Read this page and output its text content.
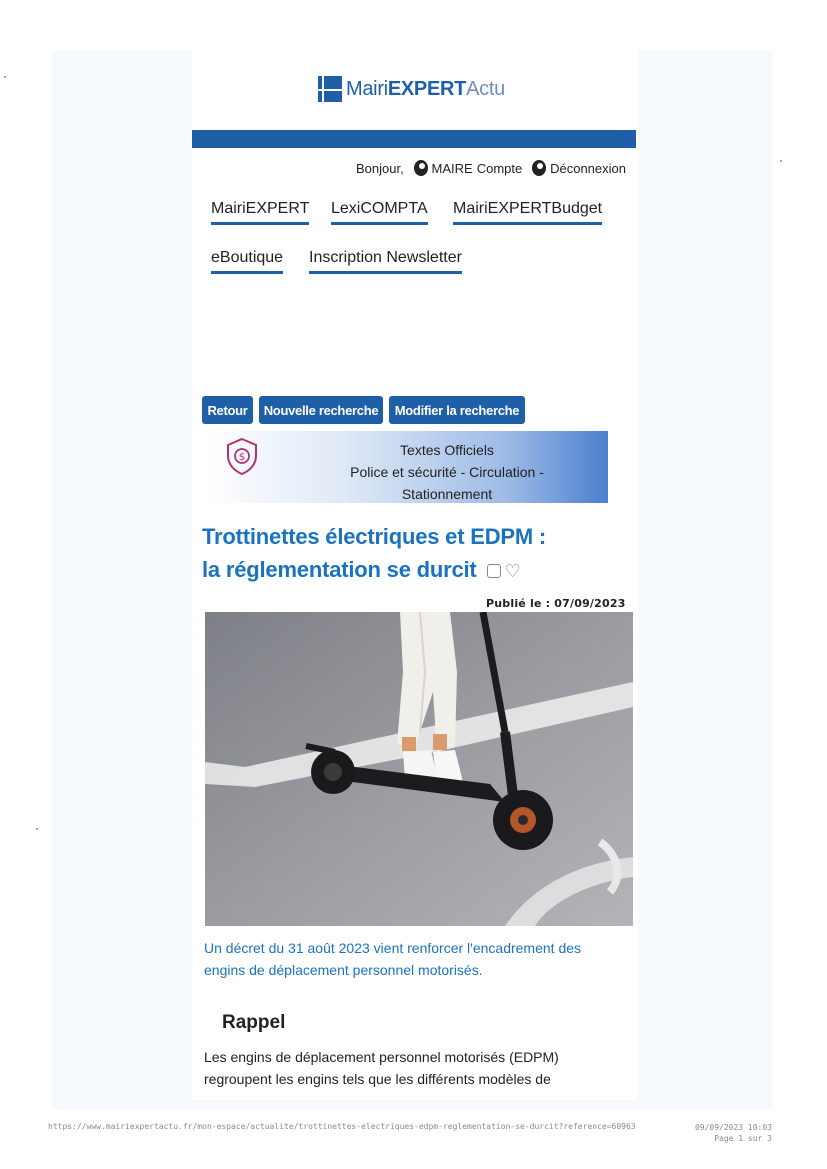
MairiEXPERTActu
Bonjour, MAIRE Compte Déconnexion
MairiEXPERT LexiCOMPTA MairiEXPERTBudget
eBoutique Inscription Newsletter
Retour	Nouvelle recherche	Modifier la recherche
$	Textes Officiels
Police et sécurité - Circulation -
Stationnement
Trottinettes électriques et EDPM :
la réglementation se durcit ♡
Publié le : 07/09/2023
Un décret du 31 août 2023 vient renforcer l'encadrement des engins de déplacement personnel motorisés.
Rappel
Les engins de déplacement personnel motorisés (EDPM) regroupent les engins tels que les différents modèles de
https://www.mairiexpertactu.fr/mon-espace/actualite/trottinettes-electriques-edpm-reglementation-se-durcit?reference=60963	09/09/2023 10:03
Page 1 sur 3
